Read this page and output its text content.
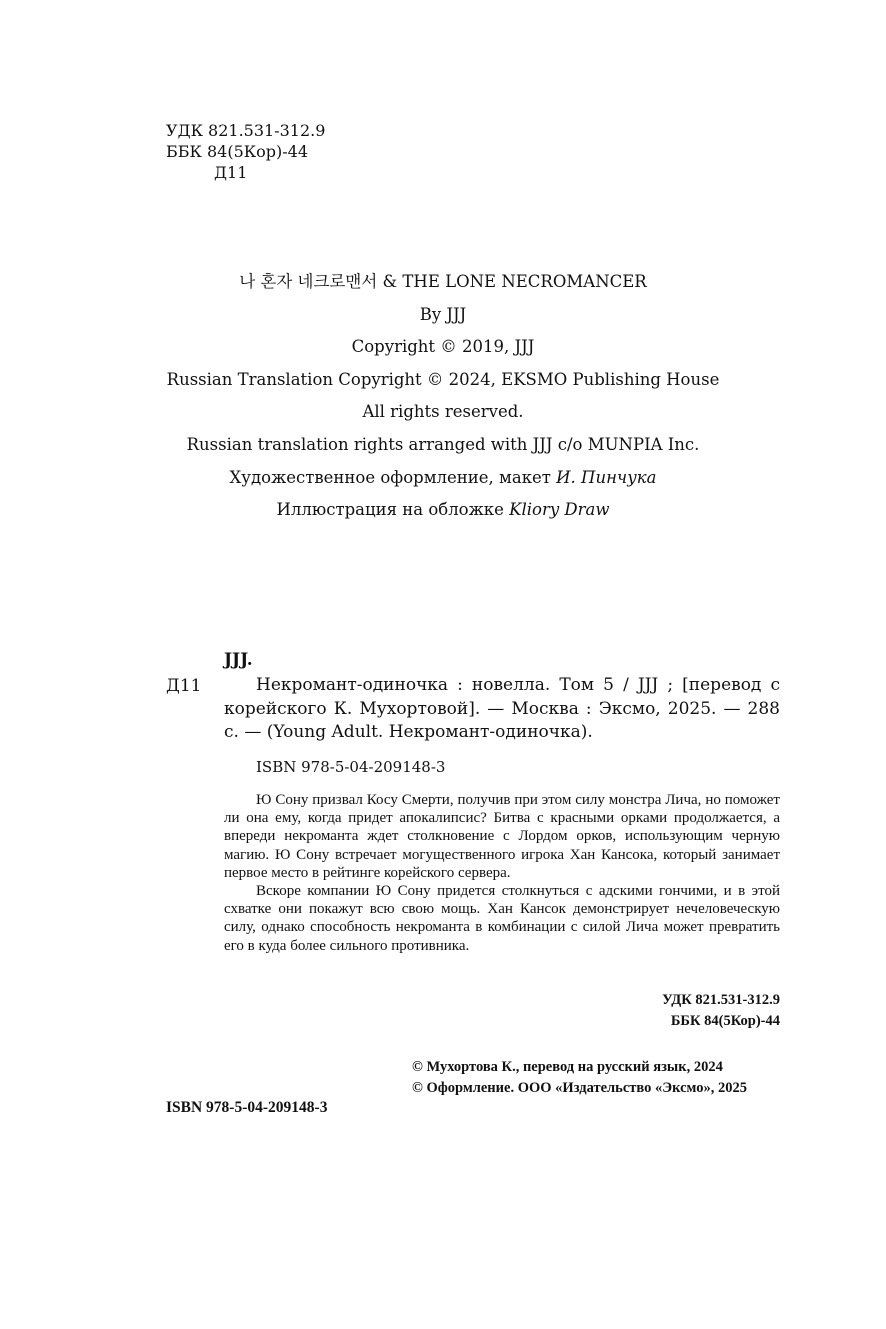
УДК 821.531-312.9
ББК 84(5Кор)-44
Д11
나 혼자 네크로맨서 & THE LONE NECROMANCER
By JJJ
Copyright © 2019, JJJ
Russian Translation Copyright © 2024, EKSMO Publishing House
All rights reserved.
Russian translation rights arranged with JJJ c/o MUNPIA Inc.
Художественное оформление, макет И. Пинчука
Иллюстрация на обложке Kliory Draw
JJJ.
Д11	Некромант-одиночка : новелла. Том 5 / JJJ ; [перевод с корейского К. Мухортовой]. — Москва : Эксмо, 2025. — 288 с. — (Young Adult. Некромант-одиночка).
ISBN 978-5-04-209148-3

Ю Сону призвал Косу Смерти, получив при этом силу монстра Лича, но поможет ли она ему, когда придет апокалипсис? Битва с красными орками продолжается, а впереди некроманта ждет столкновение с Лордом орков, использующим черную магию. Ю Сону встречает могущественного игрока Хан Кансока, который занимает первое место в рейтинге корейского сервера.

Вскоре компании Ю Сону придется столкнуться с адскими гончими, и в этой схватке они покажут всю свою мощь. Хан Кансок демонстрирует нечеловеческую силу, однако способность некроманта в комбинации с силой Лича может превратить его в куда более сильного противника.

УДК 821.531-312.9
ББК 84(5Кор)-44
© Мухортова К., перевод на русский язык, 2024
© Оформление. ООО «Издательство «Эксмо», 2025
ISBN 978-5-04-209148-3
